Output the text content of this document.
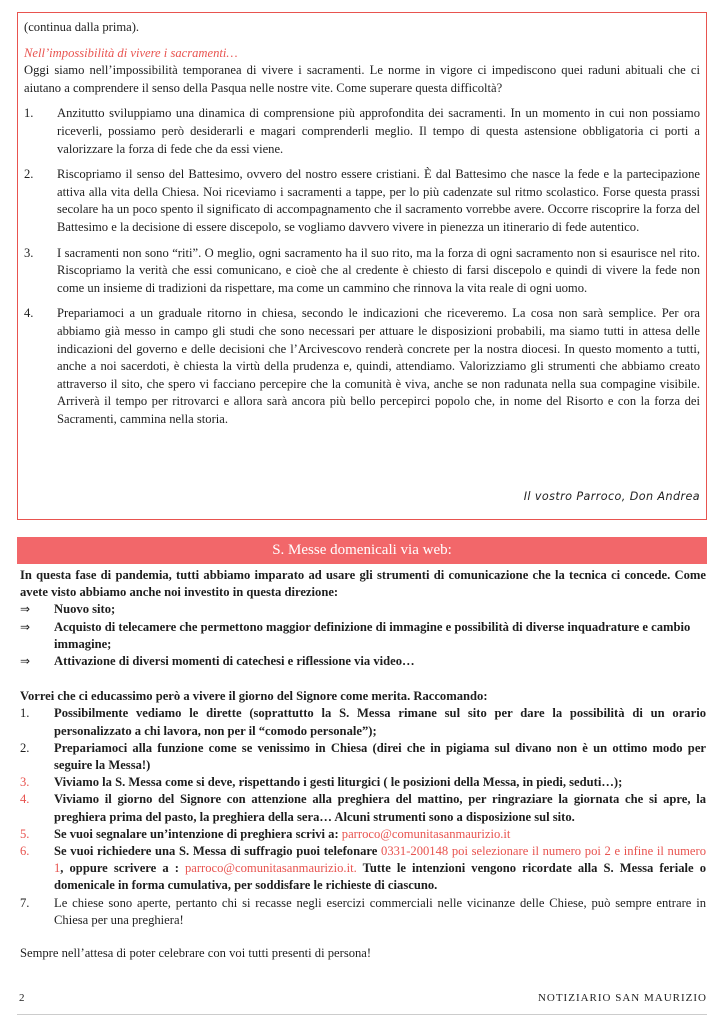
(continua dalla prima).

Nell’impossibilità di vivere i sacramenti…

Oggi siamo nell’impossibilità temporanea di vivere i sacramenti. Le norme in vigore ci impediscono quei raduni abituali che ci aiutano a comprendere il senso della Pasqua nelle nostre vite. Come superare questa difficoltà?

1. Anzitutto sviluppiamo una dinamica di comprensione più approfondita dei sacramenti. In un momento in cui non possiamo riceverli, possiamo però desiderarli e magari comprenderli meglio. Il tempo di questa astensione obbligatoria ci porti a valorizzare la forza di fede che da essi viene.
2. Riscopriamo il senso del Battesimo, ovvero del nostro essere cristiani. È dal Battesimo che nasce la fede e la partecipazione attiva alla vita della Chiesa. Noi riceviamo i sacramenti a tappe, per lo più cadenzate sul ritmo scolastico. Forse questa prassi secolare ha un poco spento il significato di accompagnamento che il sacramento vorrebbe avere. Occorre riscoprire la forza del Battesimo e la decisione di essere discepolo, se vogliamo davvero vivere in pienezza un itinerario di fede autentico.
3. I sacramenti non sono “riti”. O meglio, ogni sacramento ha il suo rito, ma la forza di ogni sacramento non si esaurisce nel rito. Riscopriamo la verità che essi comunicano, e cioè che al credente è chiesto di farsi discepolo e quindi di vivere la fede non come un insieme di tradizioni da rispettare, ma come un cammino che rinnova la vita reale di ogni uomo.
4. Prepariamoci a un graduale ritorno in chiesa, secondo le indicazioni che riceveremo. La cosa non sarà semplice. Per ora abbiamo già messo in campo gli studi che sono necessari per attuare le disposizioni probabili, ma siamo tutti in attesa delle indicazioni del governo e delle decisioni che l’Arcivescovo renderà concrete per la nostra diocesi. In questo momento a tutti, anche a noi sacerdoti, è chiesta la virtù della prudenza e, quindi, attendiamo. Valorizziamo gli strumenti che abbiamo creato attraverso il sito, che spero vi facciano percepire che la comunità è viva, anche se non radunata nella sua compagine visibile. Arriverà il tempo per ritrovarci e allora sarà ancora più bello percepirci popolo che, in nome del Risorto e con la forza dei Sacramenti, cammina nella storia.
Il vostro Parroco, Don Andrea
S. Messe domenicali via web:

In questa fase di pandemia, tutti abbiamo imparato ad usare gli strumenti di comunicazione che la tecnica ci concede. Come avete visto abbiamo anche noi investito in questa direzione:

⇒ Nuovo sito;
⇒ Acquisto di telecamere che permettono maggior definizione di immagine e possibilità di diverse inquadrature e cambio immagine;
⇒ Attivazione di diversi momenti di catechesi e riflessione via video…

Vorrei che ci educassimo però a vivere il giorno del Signore come merita. Raccomando:

1. Possibilmente vediamo le dirette (soprattutto la S. Messa rimane sul sito per dare la possibilità di un orario personalizzato a chi lavora, non per il “comodo personale”);
2. Prepariamoci alla funzione come se venissimo in Chiesa (direi che in pigiama sul divano non è un ottimo modo per seguire la Messa!)
3. Viviamo la S. Messa come si deve, rispettando i gesti liturgici ( le posizioni della Messa, in piedi, seduti…);
4. Viviamo il giorno del Signore con attenzione alla preghiera del mattino, per ringraziare la giornata che si apre, la preghiera prima del pasto, la preghiera della sera… Alcuni strumenti sono a disposizione sul sito.
5. Se vuoi segnalare un’intenzione di preghiera scrivi a: parroco@comunitasanmaurizio.it
6. Se vuoi richiedere una S. Messa di suffragio puoi telefonare 0331-200148 poi selezionare il numero poi 2 e infine il numero 1, oppure scrivere a : parroco@comunitasanmaurizio.it. Tutte le intenzioni vengono ricordate alla S. Messa feriale o domenicale in forma cumulativa, per soddisfare le richieste di ciascuno.
7. Le chiese sono aperte, pertanto chi si recasse negli esercizi commerciali nelle vicinanze delle Chiese, può sempre entrare in Chiesa per una preghiera!

Sempre nell’attesa di poter celebrare con voi tutti presenti di persona!

2	NOTIZIARIO SAN MAURIZIO
